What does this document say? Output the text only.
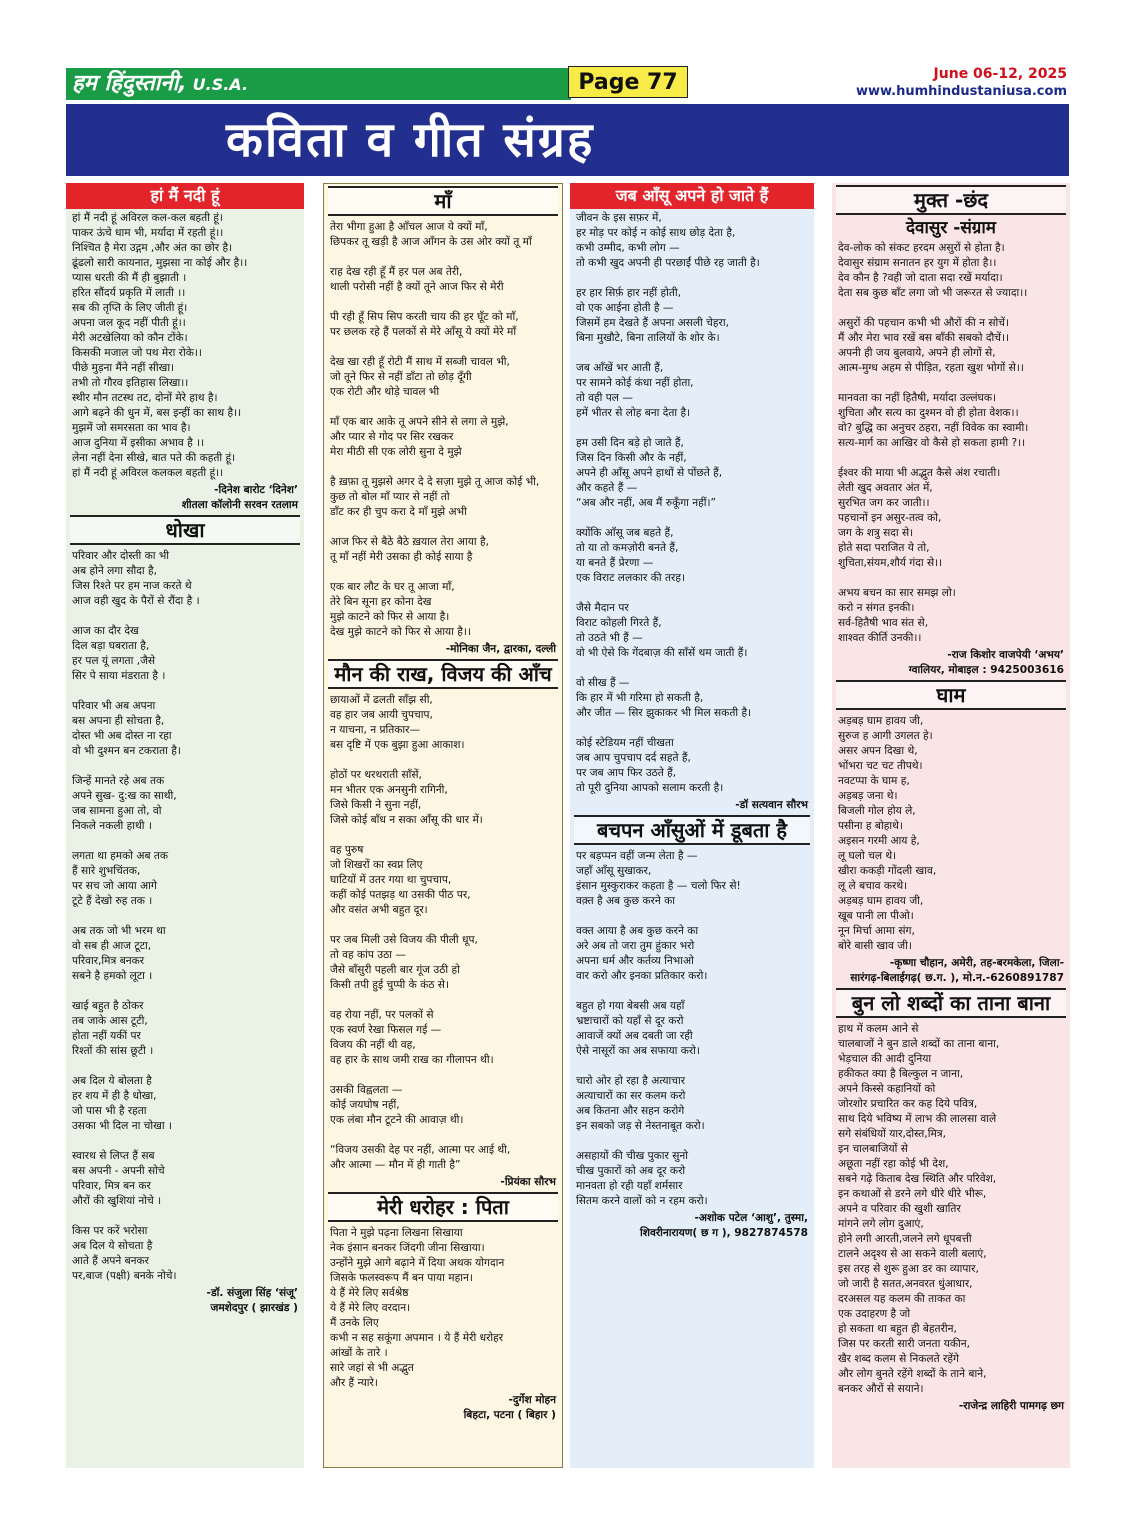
हम हिंदुस्तानी, U.S.A.	Page 77	June 06-12, 2025
www.humhindustaniusa.com
कविता व गीत संग्रह
हां मैं नदी हूं
हां मैं नदी हूं अविरल कल-कल बहती हूं।
पाकर ऊंचे धाम भी, मर्यादा में रहती हूं।।
निश्चित है मेरा उद्गम ,और अंत का छोर है।
ढूंढलो सारी कायनात, मुझसा ना कोई और है।।
प्यास धरती की मैं ही बुझाती ।
हरित सौंदर्य प्रकृति में लाती ।।
सब की तृप्ति के लिए जीती हूं।
अपना जल कूद नहीं पीती हूं।।
मेरी अटखेलिया को कौन टोंके।
किसकी मजाल जो पथ मेरा रोके।।
पीछे मुड़ना मैंने नहीं सीखा।
तभी तो गौरव इतिहास लिखा।।
स्थीर मौन तटस्थ तट, दोनों मेरे हाथ है।
आगे बढ़ने की धुन में, बस इन्हीं का साथ है।।
मुझमें जो समरसता का भाव है।
आज दुनिया में इसीका अभाव है ।।
लेना नहीं देना सीखे, बात पते की कहती हूं।
हां मैं नदी हूं अविरल कलकल बहती हूं।।
-दिनेश बारोट ‘दिनेश’
शीतला कॉलोनी सरवन रतलाम
धोखा
परिवार और दोस्ती का भी
अब होने लगा सौदा है,
जिस रिश्ते पर हम नाज करते थे
आज वही खुद के पैरों से रौंदा है ।

आज का दौर देख
दिल बड़ा घबराता है,
हर पल यूं लगता ,जैसे
सिर पे साया मंडराता है ।

परिवार भी अब अपना
बस अपना ही सोचता है,
दोस्त भी अब दोस्त ना रहा
वो भी दुश्मन बन टकराता है।

जिन्हें मानते रहे अब तक
अपने सुख- दु:ख का साथी,
जब सामना हुआ तो, वो
निकले नकली हाथी ।

लगता था हमको अब तक
हैं सारे शुभचिंतक,
पर सच जो आया आगे
टूटे हैं देखो रुह तक ।

अब तक जो भी भरम था
वो सब ही आज टूटा,
परिवार,मित्र बनकर
सबने है हमको लूटा ।

खाई बहुत है ठोकर
तब जाके आस टूटी,
होता नहीं यकीं पर
रिश्तों की सांस छूटी ।

अब दिल ये बोलता है
हर शय में ही है धोखा,
जो पास भी है रहता
उसका भी दिल ना चोखा ।

स्वारथ से लिप्त हैं सब
बस अपनी - अपनी सोचे
परिवार, मित्र बन कर
औरों की खुशियां नोचे ।

किस पर करें भरोसा
अब दिल ये सोचता है
आते हैं अपने बनकर
पर,बाज (पक्षी) बनके नोचे।
-डॉ. संजुला सिंह ‘संजू’
जमशेदपुर ( झारखंड )
माँ
तेरा भीगा हुआ है आँचल आज ये क्यों माँ,
छिपकर तू खड़ी है आज आँगन के उस ओर क्यों तू माँ

राह देख रही हूँ मैं हर पल अब तेरी,
थाली परोसी नहीं है क्यों तूने आज फिर से मेरी

पी रही हूँ सिप सिप करती चाय की हर घूँट को माँ,
पर छलक रहे हैं पलकों से मेरे आँसू ये क्यों मेरे माँ

देख खा रही हूँ रोटी मैं साथ में सब्जी चावल भी,
जो तूने फिर से नहीं डाँटा तो छोड़ दूँगी
एक रोटी और थोड़े चावल भी

माँ एक बार आके तू अपने सीने से लगा ले मुझे,
और प्यार से गोद पर सिर रखकर
मेरा मीठी सी एक लोरी सुना दे मुझे

है ख़फ़ा तू मुझसे अगर दे दे सज़ा मुझे तू आज कोई भी,
कुछ तो बोल माँ प्यार से नहीं तो
डाँट कर ही चुप करा दे माँ मुझे अभी

आज फिर से बैठे बैठे ख़याल तेरा आया है,
तू माँ नहीं मेरी उसका ही कोई साया है

एक बार लौट के घर तू आजा माँ,
तेरे बिन सूना हर कोना देख
मुझे काटने को फिर से आया है।
देख मुझे काटने को फिर से आया है।।
-मोनिका जैन, द्वारका, दल्ली
मौन की राख, विजय की आँच
छायाओं में ढलती साँझ सी,
वह हार जब आयी चुपचाप,
न याचना, न प्रतिकार—
बस दृष्टि में एक बुझा हुआ आकाश।

होठों पर थरथराती साँसें,
मन भीतर एक अनसुनी रागिनी,
जिसे किसी ने सुना नहीं,
जिसे कोई बाँध न सका आँसू की धार में।

वह पुरुष
जो शिखरों का स्वप्न लिए
घाटियों में उतर गया था चुपचाप,
कहीं कोई पतझड़ था उसकी पीठ पर,
और वसंत अभी बहुत दूर।

पर जब मिली उसे विजय की पीली धूप,
तो वह कांप उठा —
जैसे बाँसुरी पहली बार गूंज उठी हो
किसी तपी हुई चुप्पी के कंठ से।

वह रोया नहीं, पर पलकों से
एक स्वर्ण रेखा फिसल गई —
विजय की नहीं थी वह,
वह हार के साथ जमी राख का गीलापन थी।

उसकी विह्वलता —
कोई जयघोष नहीं,
एक लंबा मौन टूटने की आवाज़ थी।

“विजय उसकी देह पर नहीं, आत्मा पर आई थी,
और आत्मा — मौन में ही गाती है”
-प्रियंका सौरभ
मेरी धरोहर : पिता
पिता ने मुझे पढ़ना लिखना सिखाया
नेक इंसान बनकर जिंदगी जीना सिखाया।
उन्होंने मुझे आगे बढ़ाने में दिया अथक योगदान
जिसके फलस्वरूप मैं बन पाया महान।
ये हैं मेरे लिए सर्वश्रेष्ठ
ये हैं मेरे लिए वरदान।
मैं उनके लिए
कभी न सह सकूंगा अपमान । ये हैं मेरी धरोहर
आंखों के तारे ।
सारे जहां से भी अद्भुत
और हैं न्यारे।
-दुर्गेश मोहन
बिहटा, पटना ( बिहार )
जब आँसू अपने हो जाते हैं
जीवन के इस सफ़र में,
हर मोड़ पर कोई न कोई साथ छोड़ देता है,
कभी उम्मीद, कभी लोग —
तो कभी खुद अपनी ही परछाईं पीछे रह जाती है।

हर हार सिर्फ़ हार नहीं होती,
वो एक आईना होती है —
जिसमें हम देखते हैं अपना असली चेहरा,
बिना मुखौटे, बिना तालियों के शोर के।

जब आँखें भर आती हैं,
पर सामने कोई कंधा नहीं होता,
तो वही पल —
हमें भीतर से लोह बना देता है।

हम उसी दिन बड़े हो जाते हैं,
जिस दिन किसी और के नहीं,
अपने ही आँसू अपने हाथों से पोंछते हैं,
और कहते हैं —
“अब और नहीं, अब मैं रुकूँगा नहीं।”

क्योंकि आँसू जब बहते हैं,
तो या तो कमज़ोरी बनते हैं,
या बनते हैं प्रेरणा —
एक विराट ललकार की तरह।

जैसे मैदान पर
विराट कोहली गिरते हैं,
तो उठते भी हैं —
वो भी ऐसे कि गेंदबाज़ की साँसें थम जाती हैं।

वो सीख हैं —
कि हार में भी गरिमा हो सकती है,
और जीत — सिर झुकाकर भी मिल सकती है।

कोई स्टेडियम नहीं चीखता
जब आप चुपचाप दर्द सहते हैं,
पर जब आप फिर उठते हैं,
तो पूरी दुनिया आपको सलाम करती है।
-डॉ सत्यवान सौरभ
बचपन आँसुओं में डूबता है
पर बड़प्पन वहीं जन्म लेता है —
जहाँ आँसू सुखाकर,
इंसान मुस्कुराकर कहता है — चलो फिर से!
वक़्त है अब कुछ करने का

वक्त आया है अब कुछ करने का
अरे अब तो जरा तुम हुंकार भरो
अपना धर्म और कर्तव्य निभाओ
वार करो और इनका प्रतिकार करो।

बहुत हो गया बेबसी अब यहाँ
भ्रष्टाचारों को यहाँ से दूर करो
आवाजें क्यों अब दबती जा रही
ऐसे नासूरों का अब सफाया करो।

चारो ओर हो रहा है अत्याचार
अत्याचारों का सर कलम करो
अब कितना और सहन करोगे
इन सबको जड़ से नेस्तनाबूत करो।

असहायों की चीख पुकार सुनो
चीख पुकारों को अब दूर करो
मानवता हो रही यहाँ शर्मसार
सितम करने वालों को न रहम करो।
-अशोक पटेल ‘आशु’, तुस्मा,
शिवरीनारायण( छ ग ), 9827874578
मुक्त -छंद
देवासुर -संग्राम
देव-लोक को संकट हरदम असुरों से होता है।
देवासुर संग्राम सनातन हर युग में होता है।।
देव कौन है ?वही जो दाता सदा रखें मर्यादा।
देता सब कुछ बाँट लगा जो भी जरूरत से ज्यादा।।

असुरों की पहचान कभी भी औरों की न सोचें।
मैं और मेरा भाव रखें बस बाँकी सबको दौचें।।
अपनी ही जय बुलवाये, अपने ही लोगों से,
आत्म-मुग्ध अहम से पीड़ित, रहता खुश भोगों से।।

मानवता का नहीं हितैषी, मर्यादा उल्लंघक।
शुचिता और सत्य का दुश्मन वो ही होता वेशक।।
वो? बुद्धि का अनुचर ठहरा, नहीं विवेक का स्वामी।
सत्य-मार्ग का आखिर वो कैसे हो सकता हामी ?।।

ईश्वर की माया भी अद्भुत कैसे अंश रचाती।
लेती खुद अवतार अंत में,
सुरभित जग कर जाती।।
पहचानों इन असुर-तत्व को,
जग के शत्रु सदा से।
होते सदा पराजित ये तो,
शुचिता,संयम,शौर्य गंदा से।।

अभय बचन का सार समझ लो।
करो न संगत इनकी।
सर्व-हितैषी भाव संत से,
शाश्वत कीर्ति उनकी।।
-राज किशोर वाजपेयी ‘अभय’
ग्वालियर, मोबाइल : 9425003616
घाम
अड़बड़ घाम हावय जी,
सुरुज ह आगी उगलत हे।
असर अपन दिखा थे,
भोंभरा चट चट तीपथे।
नवटप्पा के घाम ह,
अड़बड़ जना थे।
बिजली गोल होय ले,
पसीना ह बोहाथे।
अइसन गरमी आय हे,
लू घलो चल थे।
खीरा ककड़ी गोंदली खाव,
लू ले बचाव करथे।
अड़बड़ घाम हावय जी,
खूब पानी ला पीओ।
नून मिर्चा आमा संग,
बोरे बासी खाव जी।
-कृष्णा चौहान, अमेरी, तह-बरमकेला, जिला-
सारंगढ़-बिलाईगढ़( छ.ग. ), मो.न.-6260891787
बुन लो शब्दों का ताना बाना
हाथ में कलम आने से
चालबाजों ने बुन डाले शब्दों का ताना बाना,
भेड़चाल की आदी दुनिया
हकीकत क्या है बिल्कुल न जाना,
अपने किस्से कहानियों को
जोरशोर प्रचारित कर कह दिये पवित्र,
साथ दिये भविष्य में लाभ की लालसा वाले
सगे संबंधियों यार,दोस्त,मित्र,
इन चालबाजियों से
अछूता नहीं रहा कोई भी देश,
सबने गढ़े किताब देख स्थिति और परिवेश,
इन कथाओं से डरने लगे धीरे धीरे भीरू,
अपने व परिवार की खुशी खातिर
मांगने लगे लोग दुआएं,
होने लगी आरती,जलने लगे धूपबत्ती
टालने अदृश्य से आ सकने वाली बलाएं,
इस तरह से शुरू हुआ डर का व्यापार,
जो जारी है सतत,अनवरत धुंआधार,
दरअसल यह कलम की ताकत का
एक उदाहरण है जो
हो सकता था बहुत ही बेहतरीन,
जिस पर करती सारी जनता यकीन,
खैर शब्द कलम से निकलते रहेंगे
और लोग बुनते रहेंगे शब्दों के ताने बाने,
बनकर औरों से सयाने।
-राजेन्द्र लाहिरी पामगढ़ छग
